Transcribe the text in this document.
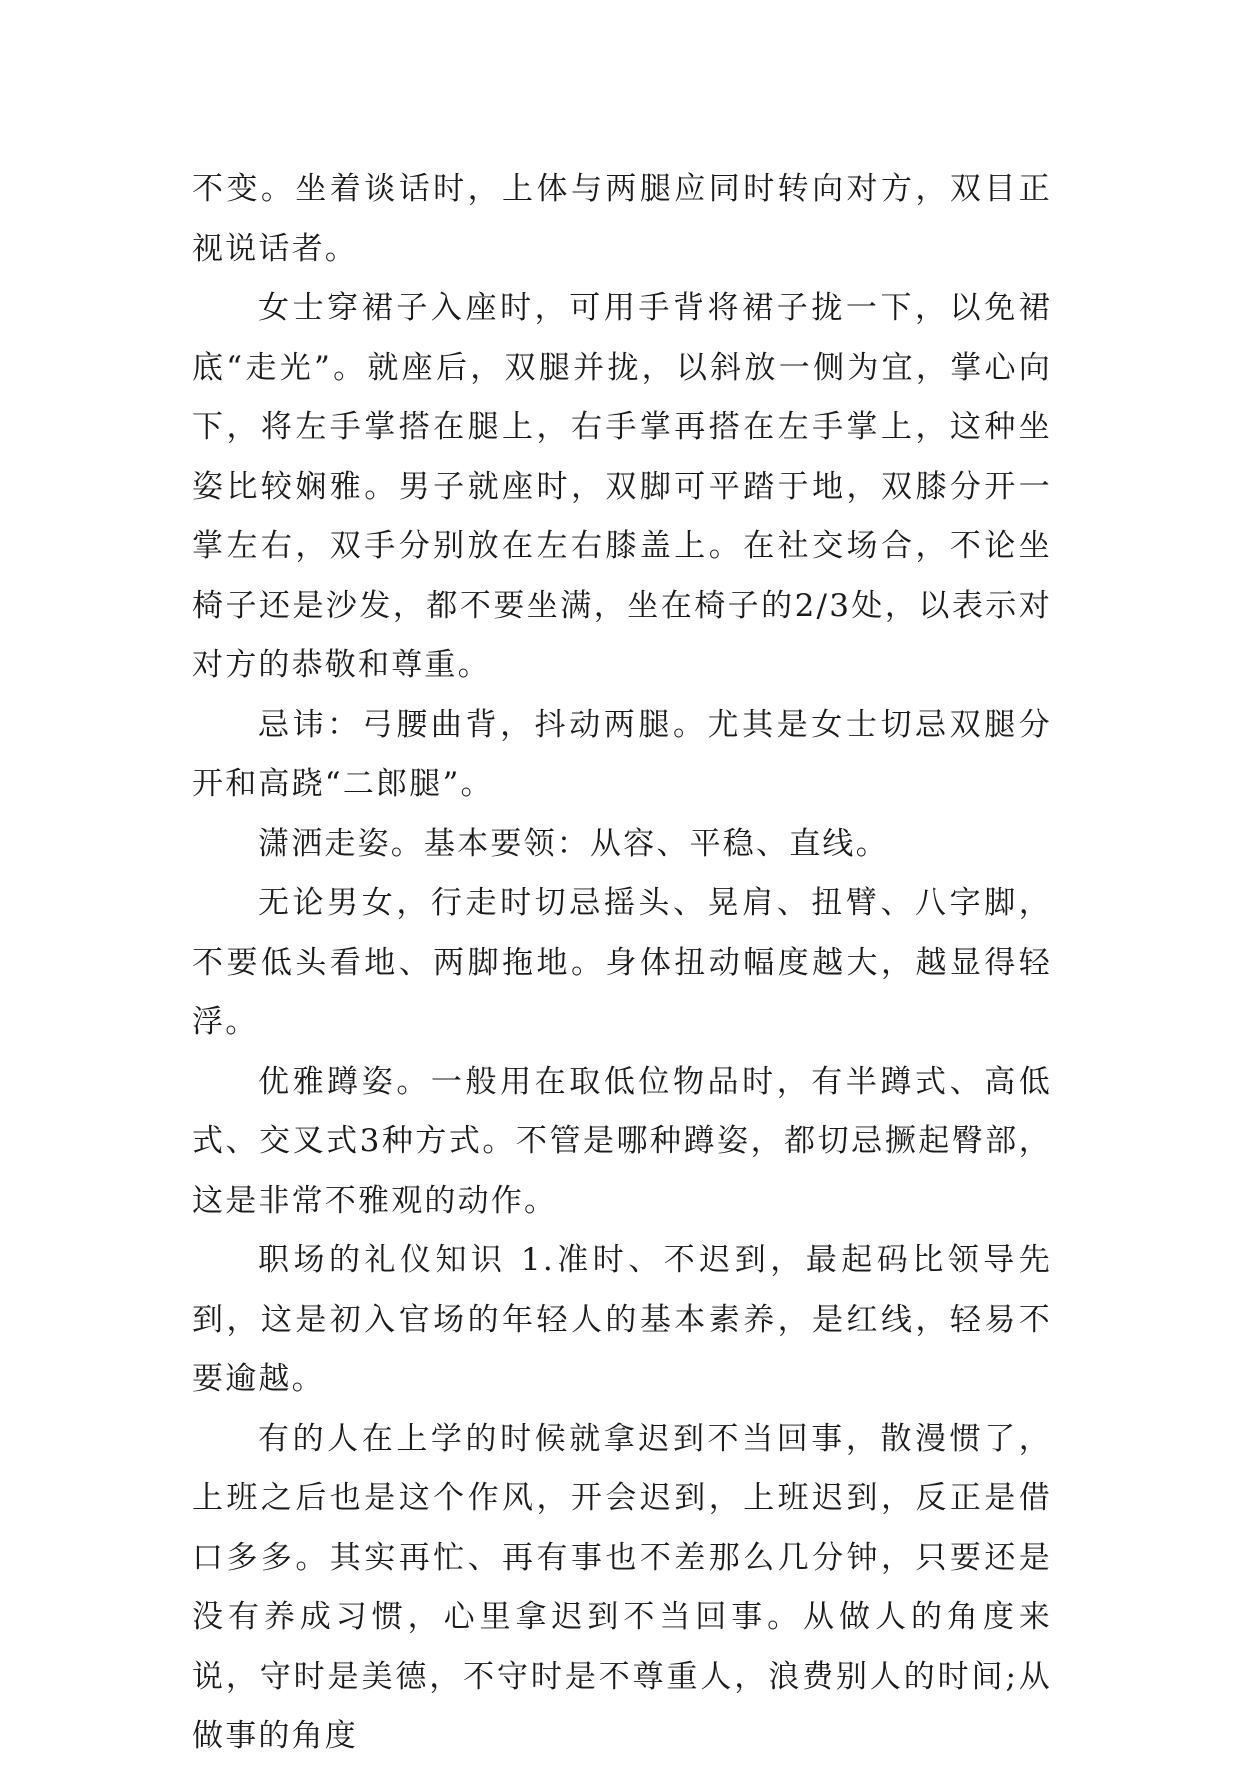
不变。坐着谈话时，上体与两腿应同时转向对方，双目正视说话者。

女士穿裙子入座时，可用手背将裙子拢一下，以免裙底“走光”。就座后，双腿并拢，以斜放一侧为宜，掌心向下，将左手掌搭在腿上，右手掌再搭在左手掌上，这种坐姿比较娴雅。男子就座时，双脚可平踏于地，双膝分开一掌左右，双手分别放在左右膝盖上。在社交场合，不论坐椅子还是沙发，都不要坐满，坐在椅子的2/3处，以表示对对方的恭敬和尊重。

忌讳：弓腰曲背，抖动两腿。尤其是女士切忌双腿分开和高跷“二郎腿”。

潇洒走姿。基本要领：从容、平稳、直线。

无论男女，行走时切忌摇头、晃肩、扭臂、八字脚，不要低头看地、两脚拖地。身体扭动幅度越大，越显得轻浮。

优雅蹲姿。一般用在取低位物品时，有半蹲式、高低式、交叉式3种方式。不管是哪种蹲姿，都切忌撅起臀部，这是非常不雅观的动作。

职场的礼仪知识 1.准时、不迟到，最起码比领导先到，这是初入官场的年轻人的基本素养，是红线，轻易不要逾越。

有的人在上学的时候就拿迟到不当回事，散漫惯了，上班之后也是这个作风，开会迟到，上班迟到，反正是借口多多。其实再忙、再有事也不差那么几分钟，只要还是没有养成习惯，心里拿迟到不当回事。从做人的角度来说，守时是美德，不守时是不尊重人，浪费别人的时间;从做事的角度
